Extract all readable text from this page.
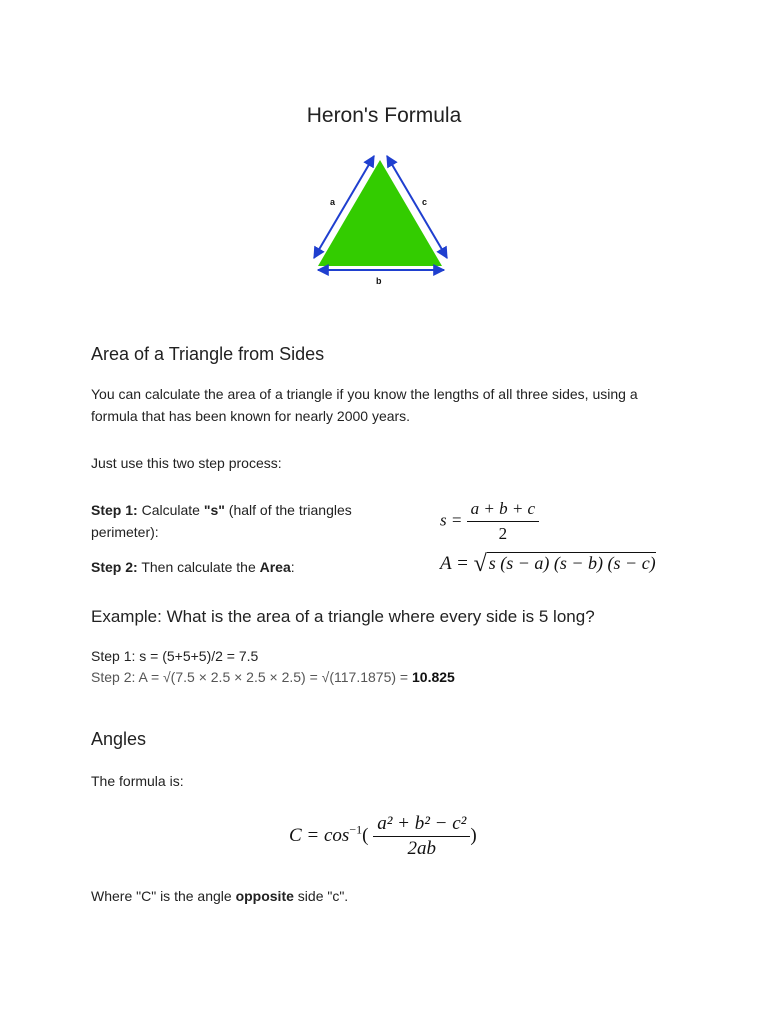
Heron's Formula
a	c
b
Area of a Triangle from Sides
You can calculate the area of a triangle if you know the lengths of all three sides, using a
formula that has been known for nearly 2000 years.
Just use this two step process:
Step 1: Calculate "s" (half of the triangles
perimeter):
$s = \frac{a + b + c}{2}$
Step 2: Then calculate the Area:	A = √ s (s − a) (s − b) (s − c)
Example: What is the area of a triangle where every side is 5 long?
Step 1: s = (5+5+5)/2 = 7.5
Step 2: A = √(7.5 × 2.5 × 2.5 × 2.5) = √(117.1875) = 10.825
Angles
The formula is:
$C = \cos^{-1}( \frac{\text{a² + b² − c²}}{2ab}$ )
Where "C" is the angle opposite side "c".
